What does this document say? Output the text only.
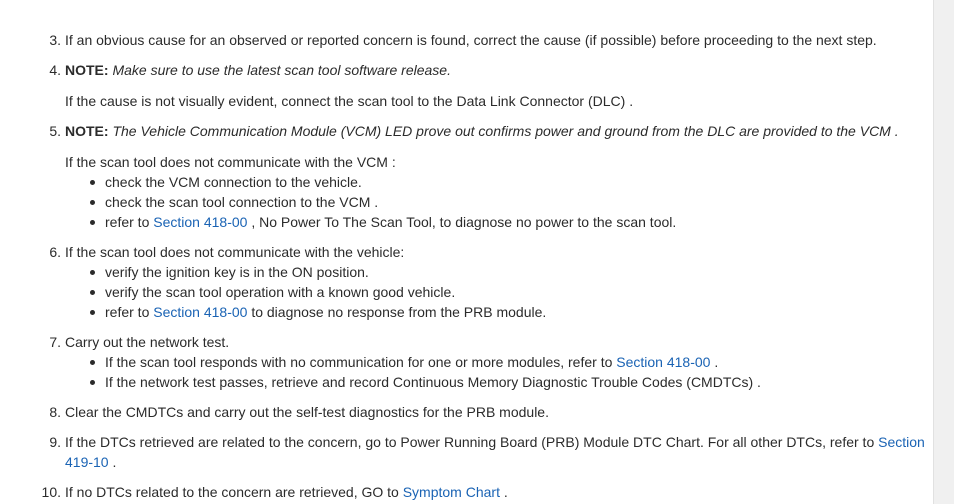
3. If an obvious cause for an observed or reported concern is found, correct the cause (if possible) before proceeding to the next step.
4. NOTE: Make sure to use the latest scan tool software release.
If the cause is not visually evident, connect the scan tool to the Data Link Connector (DLC) .
5. NOTE: The Vehicle Communication Module (VCM) LED prove out confirms power and ground from the DLC are provided to the VCM .
If the scan tool does not communicate with the VCM :
check the VCM connection to the vehicle.
check the scan tool connection to the VCM .
refer to Section 418-00 , No Power To The Scan Tool, to diagnose no power to the scan tool.
6. If the scan tool does not communicate with the vehicle:
verify the ignition key is in the ON position.
verify the scan tool operation with a known good vehicle.
refer to Section 418-00 to diagnose no response from the PRB module.
7. Carry out the network test.
If the scan tool responds with no communication for one or more modules, refer to Section 418-00 .
If the network test passes, retrieve and record Continuous Memory Diagnostic Trouble Codes (CMDTCs) .
8. Clear the CMDTCs and carry out the self-test diagnostics for the PRB module.
9. If the DTCs retrieved are related to the concern, go to Power Running Board (PRB) Module DTC Chart. For all other DTCs, refer to Section
419-10 .
10. If no DTCs related to the concern are retrieved, GO to Symptom Chart .
